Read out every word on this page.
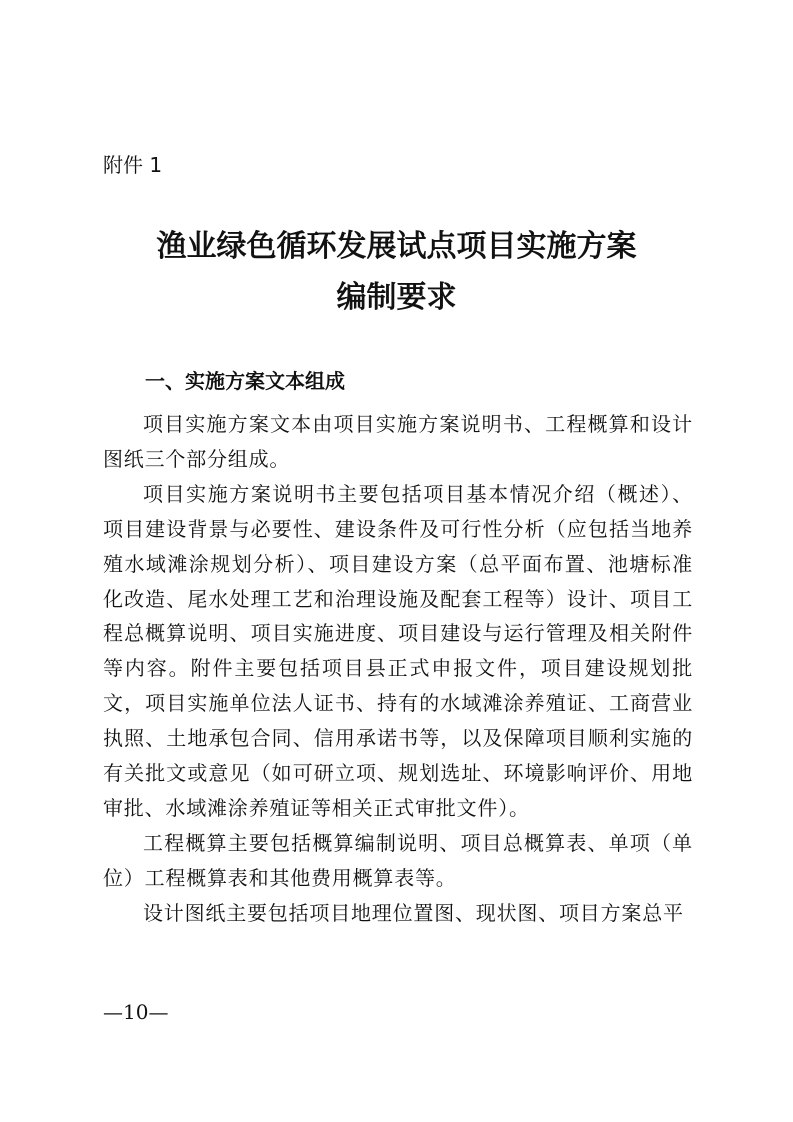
附件 1

渔业绿色循环发展试点项目实施方案
编制要求
一、实施方案文本组成

项目实施方案文本由项目实施方案说明书、工程概算和设计图纸三个部分组成。

项目实施方案说明书主要包括项目基本情况介绍（概述）、项目建设背景与必要性、建设条件及可行性分析（应包括当地养殖水域滩涂规划分析）、项目建设方案（总平面布置、池塘标准化改造、尾水处理工艺和治理设施及配套工程等）设计、项目工程总概算说明、项目实施进度、项目建设与运行管理及相关附件等内容。附件主要包括项目县正式申报文件，项目建设规划批文，项目实施单位法人证书、持有的水域滩涂养殖证、工商营业执照、土地承包合同、信用承诺书等，以及保障项目顺利实施的有关批文或意见（如可研立项、规划选址、环境影响评价、用地审批、水域滩涂养殖证等相关正式审批文件）。

工程概算主要包括概算编制说明、项目总概算表、单项（单位）工程概算表和其他费用概算表等。

设计图纸主要包括项目地理位置图、现状图、项目方案总平

—10—
